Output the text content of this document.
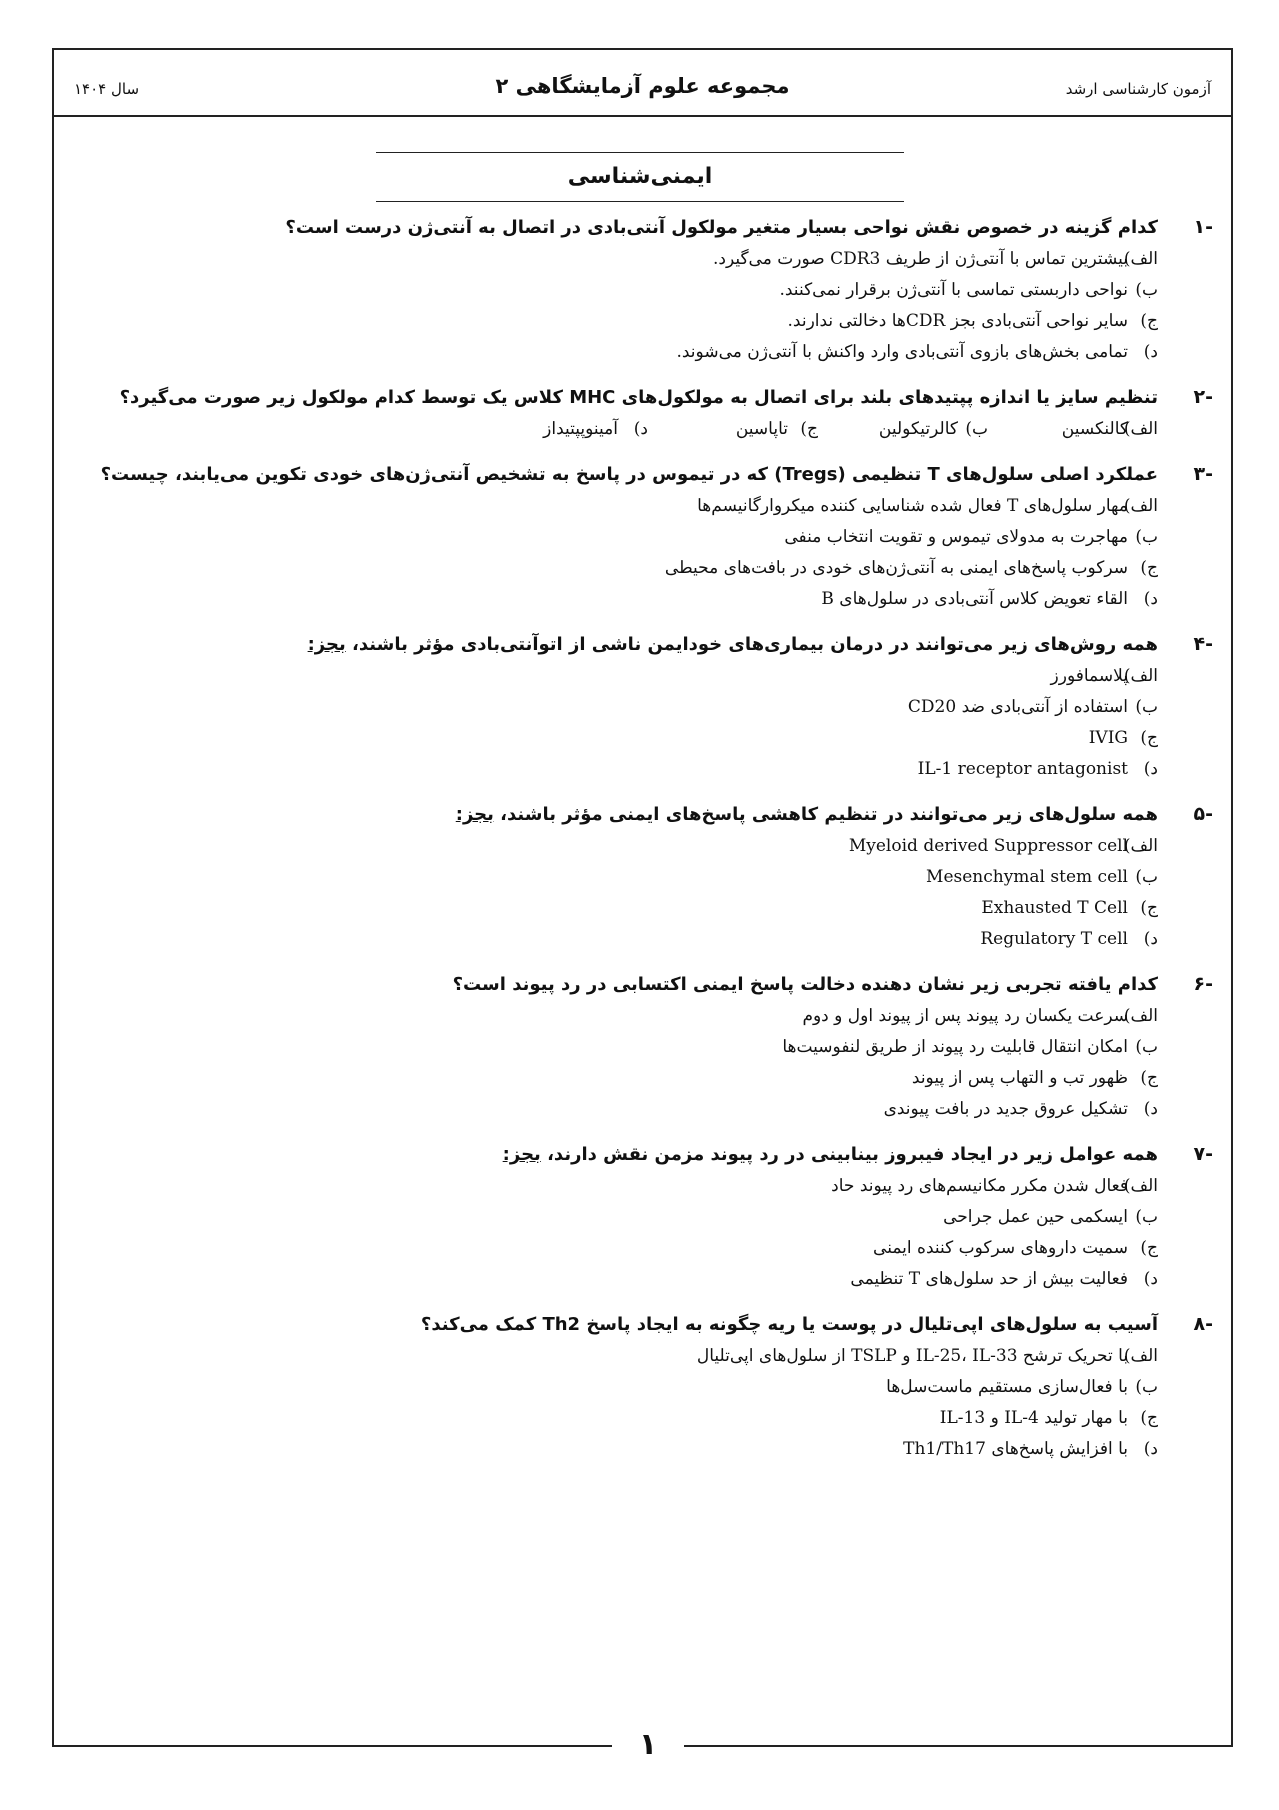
آزمون کارشناسی ارشد
مجموعه علوم آزمایشگاهی ۲
سال ۱۴۰۴
ایمنی‌شناسی
-۱
کدام گزینه در خصوص نقش نواحی بسیار متغیر مولکول آنتی‌بادی در اتصال به آنتی‌ژن درست است؟
الف)
بیشترین تماس با آنتی‌ژن از طریف CDR3 صورت می‌گیرد.
ب)
نواحی داربستی تماسی با آنتی‌ژن برقرار نمی‌کنند.
ج)
سایر نواحی آنتی‌بادی بجز CDRها دخالتی ندارند.
د)
تمامی بخش‌های بازوی آنتی‌بادی وارد واکنش با آنتی‌ژن می‌شوند.
-۲
تنظیم سایز یا اندازه پپتیدهای بلند برای اتصال به مولکول‌های MHC کلاس یک توسط کدام مولکول زیر صورت می‌گیرد؟
الف)
کالنکسین
ب)
کالرتیکولین
ج)
تاپاسین
د)
آمینوپپتیداز
-۳
عملکرد اصلی سلول‌های T تنظیمی (Tregs) که در تیموس در پاسخ به تشخیص آنتی‌ژن‌های خودی تکوین می‌یابند، چیست؟
الف)
مهار سلول‌های T فعال شده شناسایی کننده میکروارگانیسم‌ها
ب)
مهاجرت به مدولای تیموس و تقویت انتخاب منفی
ج)
سرکوب پاسخ‌های ایمنی به آنتی‌ژن‌های خودی در بافت‌های محیطی
د)
القاء تعویض کلاس آنتی‌بادی در سلول‌های B
-۴
همه روش‌های زیر می‌توانند در درمان بیماری‌های خودایمن ناشی از اتوآنتی‌بادی مؤثر باشند، بجز:
الف)
پلاسمافورز
ب)
استفاده از آنتی‌بادی ضد CD20
ج)
IVIG
د)
IL-1 receptor antagonist
-۵
همه سلول‌های زیر می‌توانند در تنظیم کاهشی پاسخ‌های ایمنی مؤثر باشند، بجز:
الف)
Myeloid derived Suppressor cell
ب)
Mesenchymal stem cell
ج)
Exhausted T Cell
د)
Regulatory T cell
-۶
کدام یافته تجربی زیر نشان دهنده دخالت پاسخ ایمنی اکتسابی در رد پیوند است؟
الف)
سرعت یکسان رد پیوند پس از پیوند اول و دوم
ب)
امکان انتقال قابلیت رد پیوند از طریق لنفوسیت‌ها
ج)
ظهور تب و التهاب پس از پیوند
د)
تشکیل عروق جدید در بافت پیوندی
-۷
همه عوامل زیر در ایجاد فیبروز بینابینی در رد پیوند مزمن نقش دارند، بجز:
الف)
فعال شدن مکرر مکانیسم‌های رد پیوند حاد
ب)
ایسکمی حین عمل جراحی
ج)
سمیت داروهای سرکوب کننده ایمنی
د)
فعالیت بیش از حد سلول‌های T تنظیمی
-۸
آسیب به سلول‌های اپی‌تلیال در پوست یا ریه چگونه به ایجاد پاسخ Th2 کمک می‌کند؟
الف)
با تحریک ترشح IL-25، IL-33 و TSLP از سلول‌های اپی‌تلیال
ب)
با فعال‌سازی مستقیم ماست‌سل‌ها
ج)
با مهار تولید IL-4 و IL-13
د)
با افزایش پاسخ‌های Th1/Th17
۱
